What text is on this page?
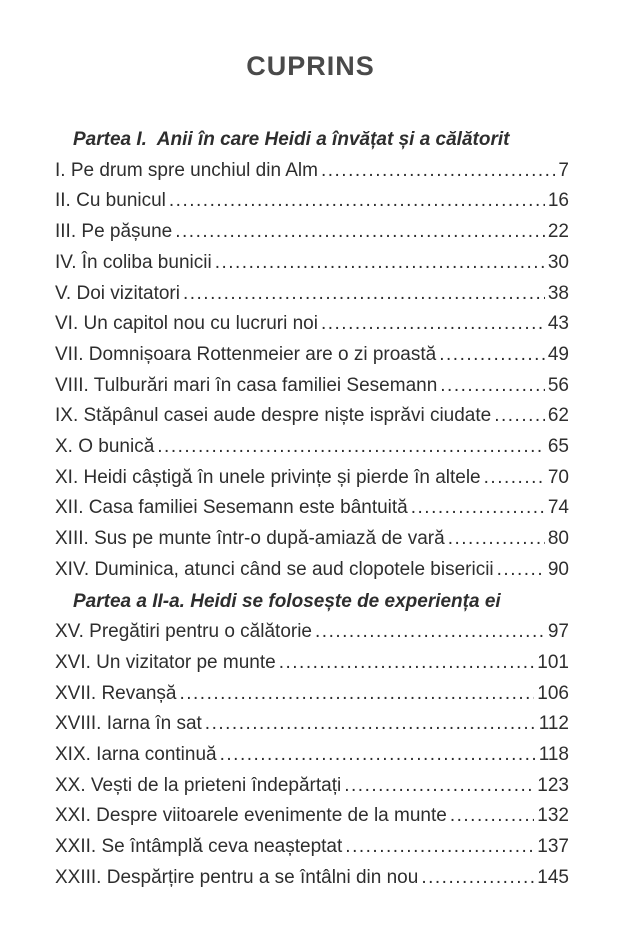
CUPRINS
Partea I.  Anii în care Heidi a învățat și a călătorit
I. Pe drum spre unchiul din Alm .....	7
II. Cu bunicul .....	16
III. Pe pășune .....	22
IV. În coliba bunicii .....	30
V. Doi vizitatori .....	38
VI. Un capitol nou cu lucruri noi .....	43
VII. Domnișoara Rottenmeier are o zi proastă .....	49
VIII. Tulburări mari în casa familiei Sesemann .....	56
IX. Stăpânul casei aude despre niște isprăvi ciudate .....	62
X. O bunică .....	65
XI. Heidi câștigă în unele privințe și pierde în altele .....	70
XII. Casa familiei Sesemann este bântuită .....	74
XIII. Sus pe munte într-o după-amiază de vară .....	80
XIV. Duminica, atunci când se aud clopotele bisericii .....	90
Partea a II-a. Heidi se folosește de experiența ei
XV. Pregătiri pentru o călătorie .....	97
XVI. Un vizitator pe munte .....	101
XVII. Revanșă .....	106
XVIII. Iarna în sat .....	112
XIX. Iarna continuă .....	118
XX. Vești de la prieteni îndepărtați .....	123
XXI. Despre viitoarele evenimente de la munte .....	132
XXII. Se întâmplă ceva neașteptat .....	137
XXIII. Despărțire pentru a se întâlni din nou .....	145
